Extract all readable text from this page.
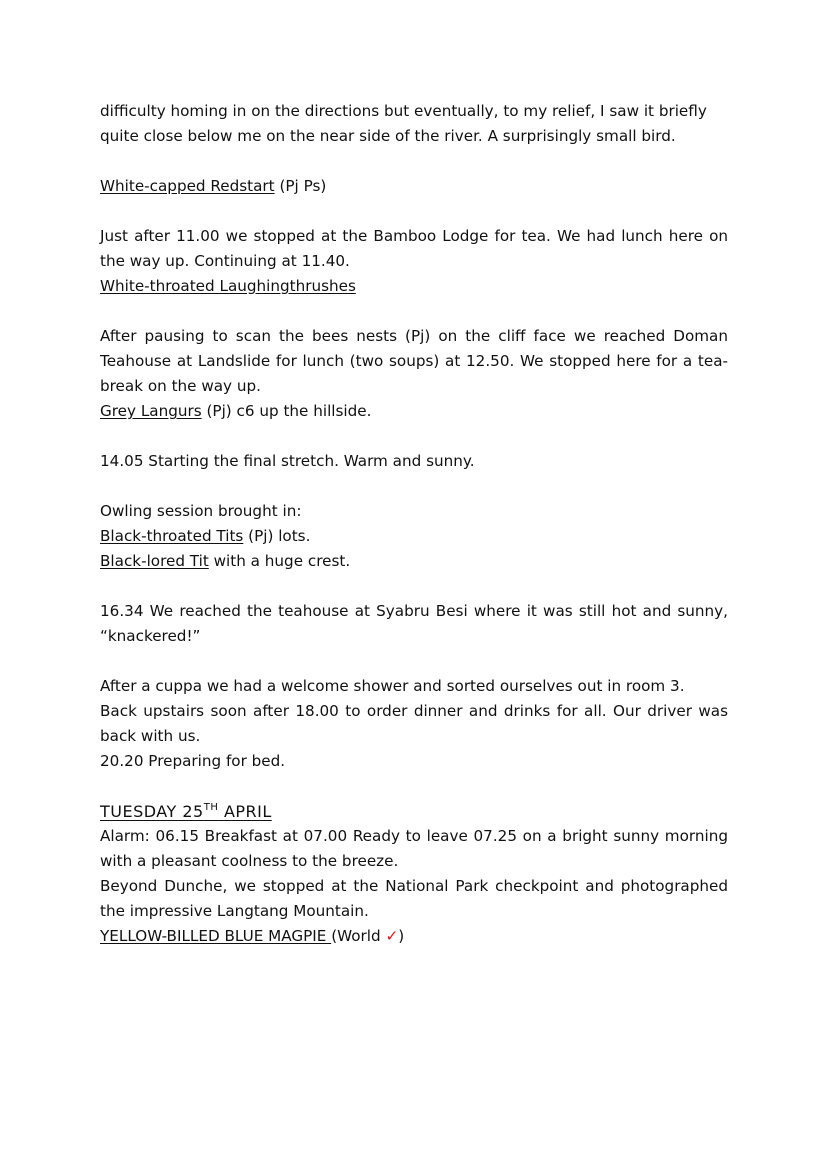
difficulty homing in on the directions but eventually, to my relief, I saw it briefly
quite close below me on the near side of the river. A surprisingly small bird.

White-capped Redstart (Pj Ps)

Just after 11.00 we stopped at the Bamboo Lodge for tea. We had lunch here on the way up. Continuing at 11.40.

White-throated Laughingthrushes

After pausing to scan the bees nests (Pj) on the cliff face we reached Doman Teahouse at Landslide for lunch (two soups) at 12.50. We stopped here for a tea-break on the way up.

Grey Langurs (Pj) c6 up the hillside.

14.05 Starting the final stretch. Warm and sunny.

Owling session brought in:

Black-throated Tits (Pj) lots.

Black-lored Tit with a huge crest.

16.34 We reached the teahouse at Syabru Besi where it was still hot and sunny, “knackered!”

After a cuppa we had a welcome shower and sorted ourselves out in room 3.

Back upstairs soon after 18.00 to order dinner and drinks for all. Our driver was back with us.

20.20 Preparing for bed.

TUESDAY 25TH APRIL

Alarm: 06.15 Breakfast at 07.00 Ready to leave 07.25 on a bright sunny morning with a pleasant coolness to the breeze.

Beyond Dunche, we stopped at the National Park checkpoint and photographed the impressive Langtang Mountain.

YELLOW-BILLED BLUE MAGPIE (World ✓)
